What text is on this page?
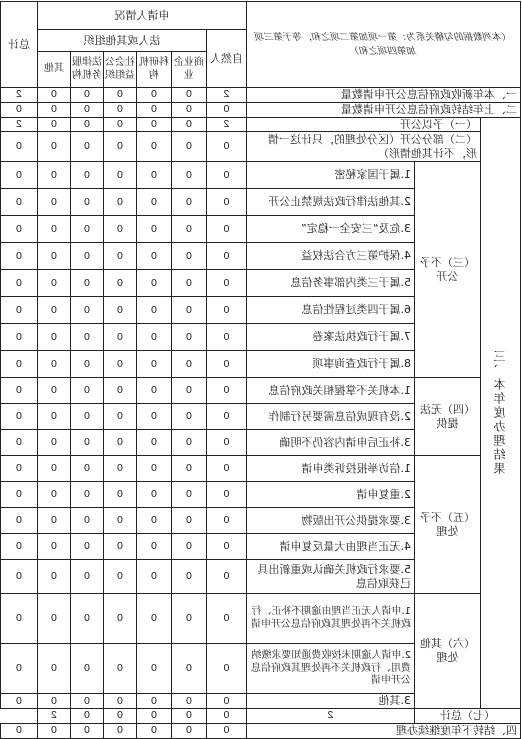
（本列数据的勾稽关系为：第一项加第二项之和，等于第三项加第四项之和）			申请人情况						总计
			自然人	法人或其他组织					
				商业企业	科研机构	社会公益组织	法律服务机构	其他	
一、本年新收政府信息公开申请数量			2	0	0	0	0	0	2
二、上年结转政府信息公开申请数量			0	0	0	0	0	0	0
三、本年度办理结果	（一）予以公开		2	0	0	0	0	0	2
	（二）部分公开（区分处理的，只计这一情形，不计其他情形）		0	0	0	0	0	0	0
	（三）不予公开	1.属于国家秘密	0	0	0	0	0	0	0
		2.其他法律行政法规禁止公开	0	0	0	0	0	0	0
		3.危及“三安全一稳定”	0	0	0	0	0	0	0
		4.保护第三方合法权益	0	0	0	0	0	0	0
		5.属于三类内部事务信息	0	0	0	0	0	0	0
		6.属于四类过程性信息	0	0	0	0	0	0	0
		7.属于行政执法案卷	0	0	0	0	0	0	0
		8.属于行政查询事项	0	0	0	0	0	0	0
	（四）无法提供	1.本机关不掌握相关政府信息	0	0	0	0	0	0	0
		2.没有现成信息需要另行制作	0	0	0	0	0	0	0
		3.补正后申请内容仍不明确	0	0	0	0	0	0	0
	（五）不予处理	1.信访举报投诉类申请	0	0	0	0	0	0	0
		2.重复申请	0	0	0	0	0	0	0
		3.要求提供公开出版物	0	0	0	0	0	0	0
		4.无正当理由大量反复申请	0	0	0	0	0	0	0
		5.要求行政机关确认或重新出具已获取信息	0	0	0	0	0	0	0
	（六）其他处理	1.申请人无正当理由逾期不补正、行政机关不再处理其政府信息公开申请	0	0	0	0	0	0	0
		2.申请人逾期未按收费通知要求缴纳费用、行政机关不再处理其政府信息公开申请	0	0	0	0	0	0	0
		3.其他	0	0	0	0	0	0	0
（七）总计		2	0	0	0	0	0	2	
四、结转下年度继续办理			0	0	0	0	0	0	0
